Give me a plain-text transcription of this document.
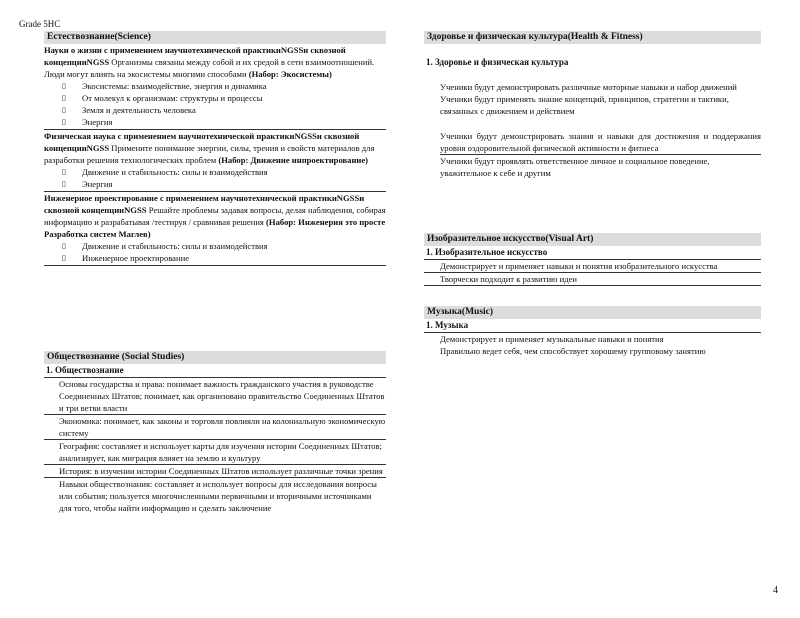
Grade 5НС
Естествознание(Science)
Науки о жизни с применением научнотехнической практикиNGSSи сквозной концепцииNGSS Организмы связаны между собой и их средой в сети взаимоотношений. Люди могут влиять на экосистемы многими способами (Набор: Экосистемы)
▯ Экосистемы: взаимодействие, энергия и динамика
▯ От молекул к организмам: структуры и процессы
▯ Земля и деятельность человека
▯ Энергия
Физическая наука с применением научнотехнической практикиNGSSи сквозной концепцииNGSS Примените понимание энергии, силы, трения и свойств материалов для разработки решения технологических проблем (Набор: Движение инпроектирование)
▯ Движение и стабильность: силы и взаимодействия
▯ Энергия
Инженерное проектирование с применением научнотехнической практикиNGSSи сквозной концепцииNGSS Решайте проблемы задавая вопросы, делая наблюдения, собирая информацию и разрабатывая /тестируя / сравнивая решения (Набор: Инженерия это просте Разработка систем Маглев)
▯ Движение и стабильность: силы и взаимодействия
▯ Инженерное проектирование
Обществознание (Social Studies)
1. Обществознание
Основы государства и права: понимает важность гражданского участия в руководстве Соединенных Штатов; понимает, как организовано правительство Соединенных Штатов и три ветви власти
Экономика: понимает, как законы и торговля повлияли на колониальную экономическую систему
География: составляет и использует карты для изучения истории Соединенных Штатов; анализирует, как миграция влияет на землю и культуру
История: в изучении истории Соединенных Штатов использует различные точки зрения
Навыки обществознания: составляет и использует вопросы для исследования вопросы или события; пользуется многочисленными первичными и вторичными источниками для того, чтобы найти информацию и сделать заключение
Здоровье и физическая культура(Health & Fitness)
1. Здоровье и физическая культура
Ученики будут демонстрировать различные моторные навыки и набор движений
Ученики будут применять знание концепций, принципов, стратегии и тактики, связанных с движением и действием
Ученики будут демонстрировать знания и навыки для достижения и поддержания уровня оздоровительной физической активности и фитнеса
Ученики будут проявлять ответственное личное и социальное поведение, уважительное к себе и другим
Изобразительное искусство(Visual Art)
1. Изобразительное искусство
Демонстрирует и применяет навыки и понятия изобразительного искусства
Творчески подходит к развитию идеи
Музыка(Music)
1. Музыка
Демонстрирует и применяет музыкальные навыки и понятия
Правильно ведет себя, чем способствует хорошему групповому занятию
4
